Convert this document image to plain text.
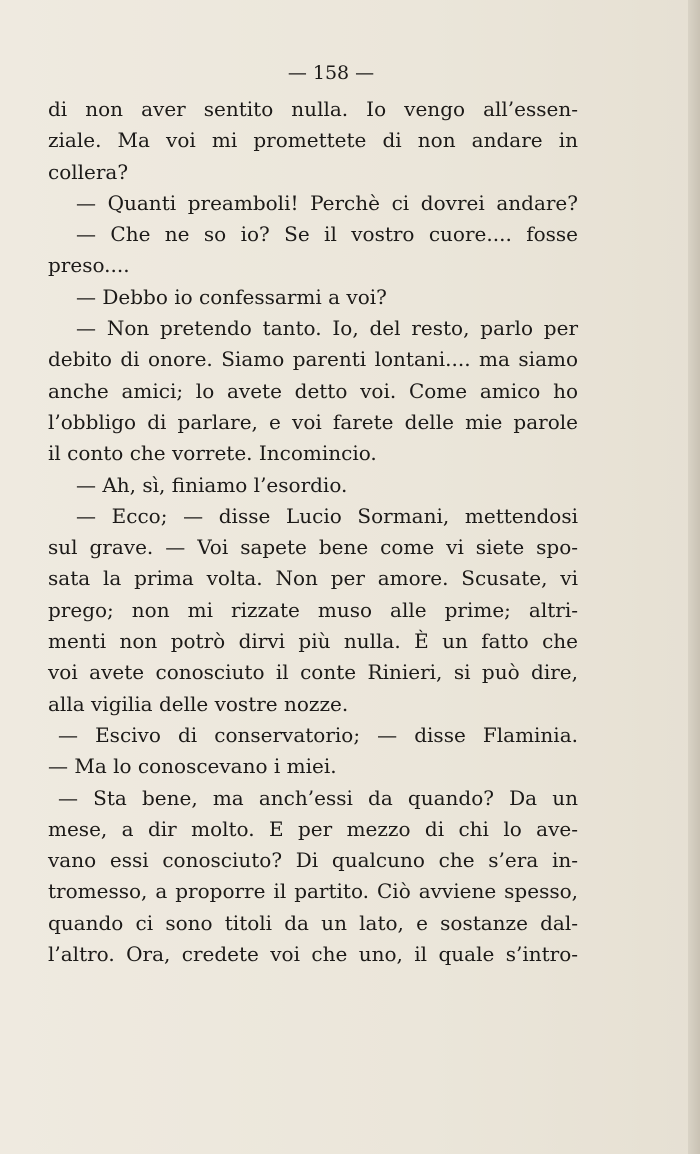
— 158 —
di non aver sentito nulla. Io vengo all’essen-
ziale. Ma voi mi promettete di non andare in
collera?
— Quanti preamboli! Perchè ci dovrei andare?
— Che ne so io? Se il vostro cuore.... fosse
preso....
— Debbo io confessarmi a voi?
— Non pretendo tanto. Io, del resto, parlo per
debito di onore. Siamo parenti lontani.... ma siamo
anche amici; lo avete detto voi. Come amico ho
l’obbligo di parlare, e voi farete delle mie parole
il conto che vorrete. Incomincio.
— Ah, sì, finiamo l’esordio.
— Ecco; — disse Lucio Sormani, mettendosi
sul grave. — Voi sapete bene come vi siete spo-
sata la prima volta. Non per amore. Scusate, vi
prego; non mi rizzate muso alle prime; altri-
menti non potrò dirvi più nulla. È un fatto che
voi avete conosciuto il conte Rinieri, si può dire,
alla vigilia delle vostre nozze.
— Escivo di conservatorio; — disse Flaminia.
— Ma lo conoscevano i miei.
— Sta bene, ma anch’essi da quando? Da un
mese, a dir molto. E per mezzo di chi lo ave-
vano essi conosciuto? Di qualcuno che s’era in-
tromesso, a proporre il partito. Ciò avviene spesso,
quando ci sono titoli da un lato, e sostanze dal-
l’altro. Ora, credete voi che uno, il quale s’intro-
